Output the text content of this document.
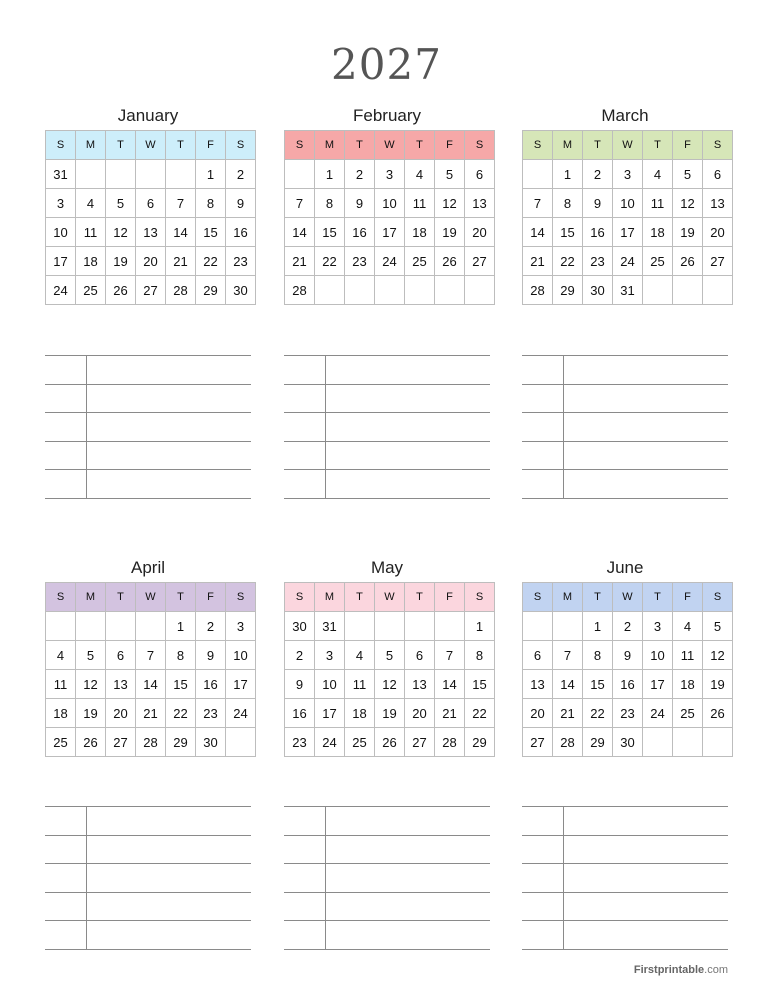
2027
January
S	M	T	W	T	F	S
31					1	2
3	4	5	6	7	8	9
10	11	12	13	14	15	16
17	18	19	20	21	22	23
24	25	26	27	28	29	30
February
S	M	T	W	T	F	S
	1	2	3	4	5	6
7	8	9	10	11	12	13
14	15	16	17	18	19	20
21	22	23	24	25	26	27
28						
March
S	M	T	W	T	F	S
	1	2	3	4	5	6
7	8	9	10	11	12	13
14	15	16	17	18	19	20
21	22	23	24	25	26	27
28	29	30	31			
April
S	M	T	W	T	F	S
				1	2	3
4	5	6	7	8	9	10
11	12	13	14	15	16	17
18	19	20	21	22	23	24
25	26	27	28	29	30	
May
S	M	T	W	T	F	S
30	31					1
2	3	4	5	6	7	8
9	10	11	12	13	14	15
16	17	18	19	20	21	22
23	24	25	26	27	28	29
June
S	M	T	W	T	F	S
		1	2	3	4	5
6	7	8	9	10	11	12
13	14	15	16	17	18	19
20	21	22	23	24	25	26
27	28	29	30			
Firstprintable.com
